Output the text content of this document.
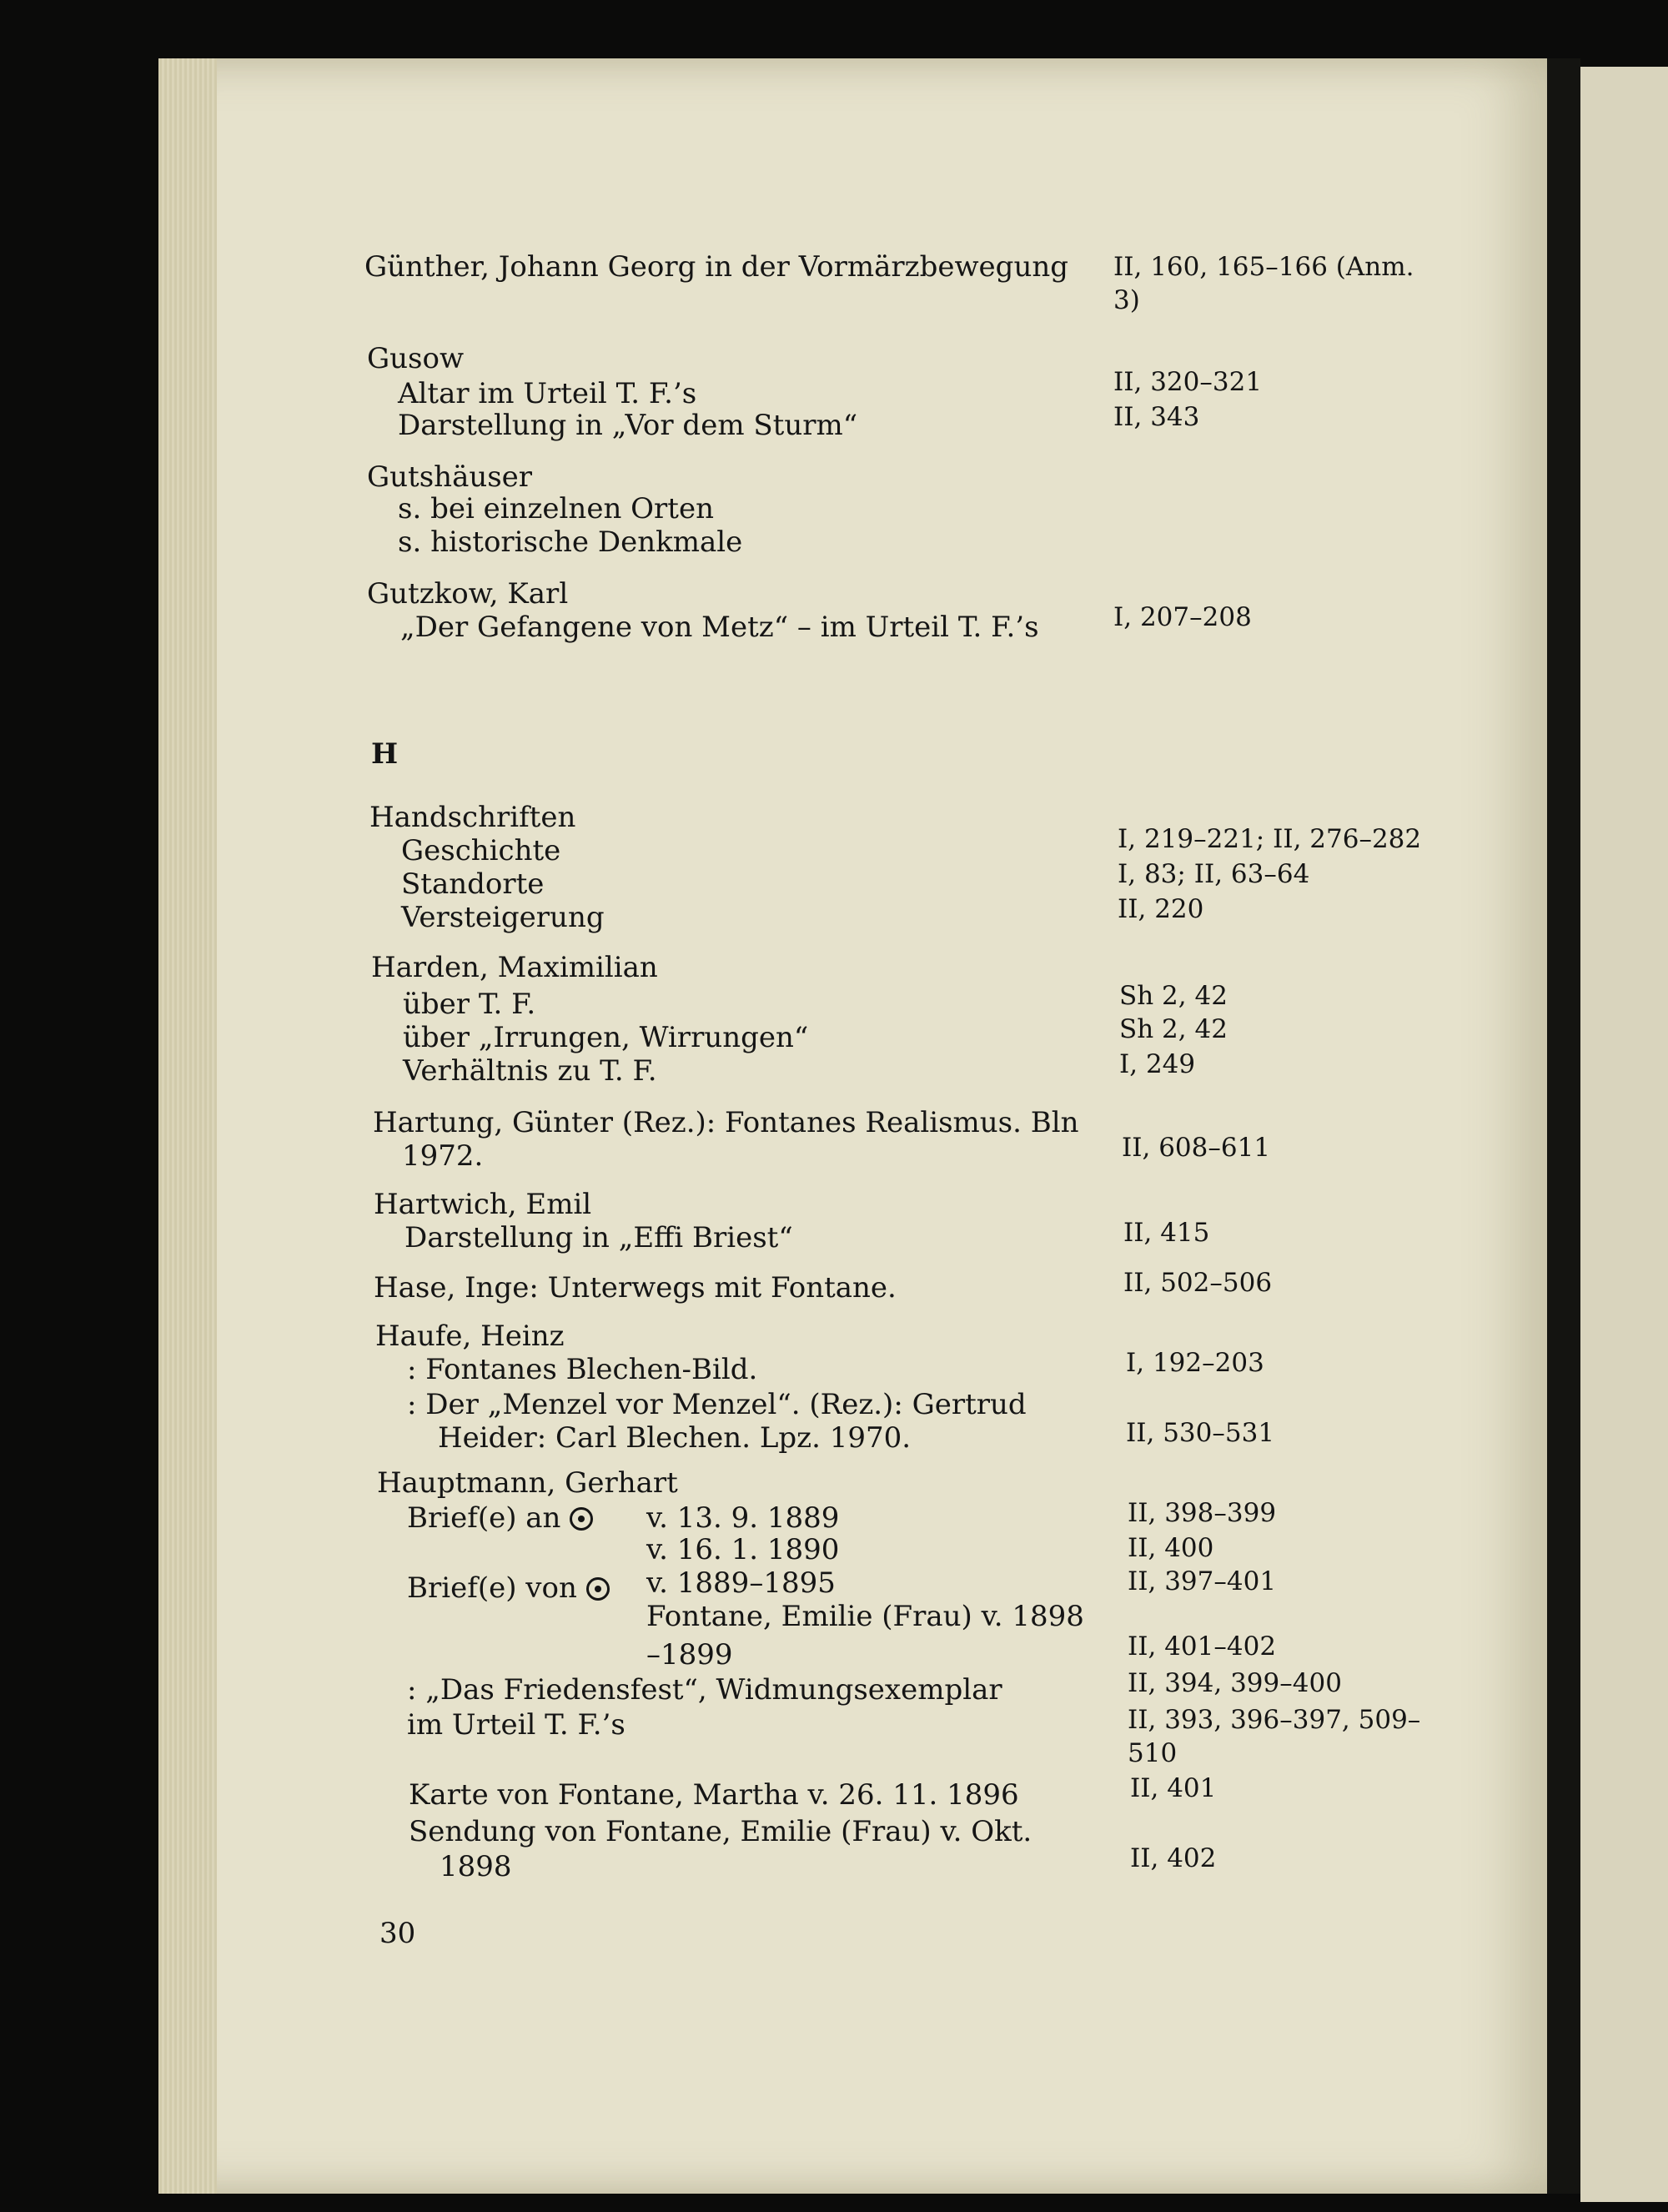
Günther, Johann Georg in der Vormärzbewegung II, 160, 165–166 (Anm.

3)

Gusow

Altar im Urteil T. F.’s	II, 320–321

Darstellung in „Vor dem Sturm“	II, 343

Gutshäuser

s. bei einzelnen Orten

s. historische Denkmale

Gutzkow, Karl

„Der Gefangene von Metz“ – im Urteil T. F.’s	I, 207–208

H

Handschriften

Geschichte	I, 219–221; II, 276–282

Standorte	I, 83; II, 63–64

Versteigerung	II, 220

Harden, Maximilian

über T. F.	Sh 2, 42

über „Irrungen, Wirrungen“	Sh 2, 42

Verhältnis zu T. F.	I, 249

Hartung, Günter (Rez.): Fontanes Realismus. Bln

1972.	II, 608–611

Hartwich, Emil

Darstellung in „Effi Briest“	II, 415

Hase, Inge: Unterwegs mit Fontane.	II, 502–506

Haufe, Heinz

: Fontanes Blechen-Bild.	I, 192–203

: Der „Menzel vor Menzel“. (Rez.): Gertrud

Heider: Carl Blechen. Lpz. 1970.	II, 530–531

Hauptmann, Gerhart

Brief(e) an	v. 13. 9. 1889	II, 398–399

v. 16. 1. 1890	II, 400

Brief(e) von	v. 1889–1895	II, 397–401

Fontane, Emilie (Frau) v. 1898

–1899	II, 401–402

: „Das Friedensfest“, Widmungsexemplar	II, 394, 399–400

im Urteil T. F.’s	II, 393, 396–397, 509–

510

Karte von Fontane, Martha v. 26. 11. 1896	II, 401

Sendung von Fontane, Emilie (Frau) v. Okt.

1898	II, 402

30
